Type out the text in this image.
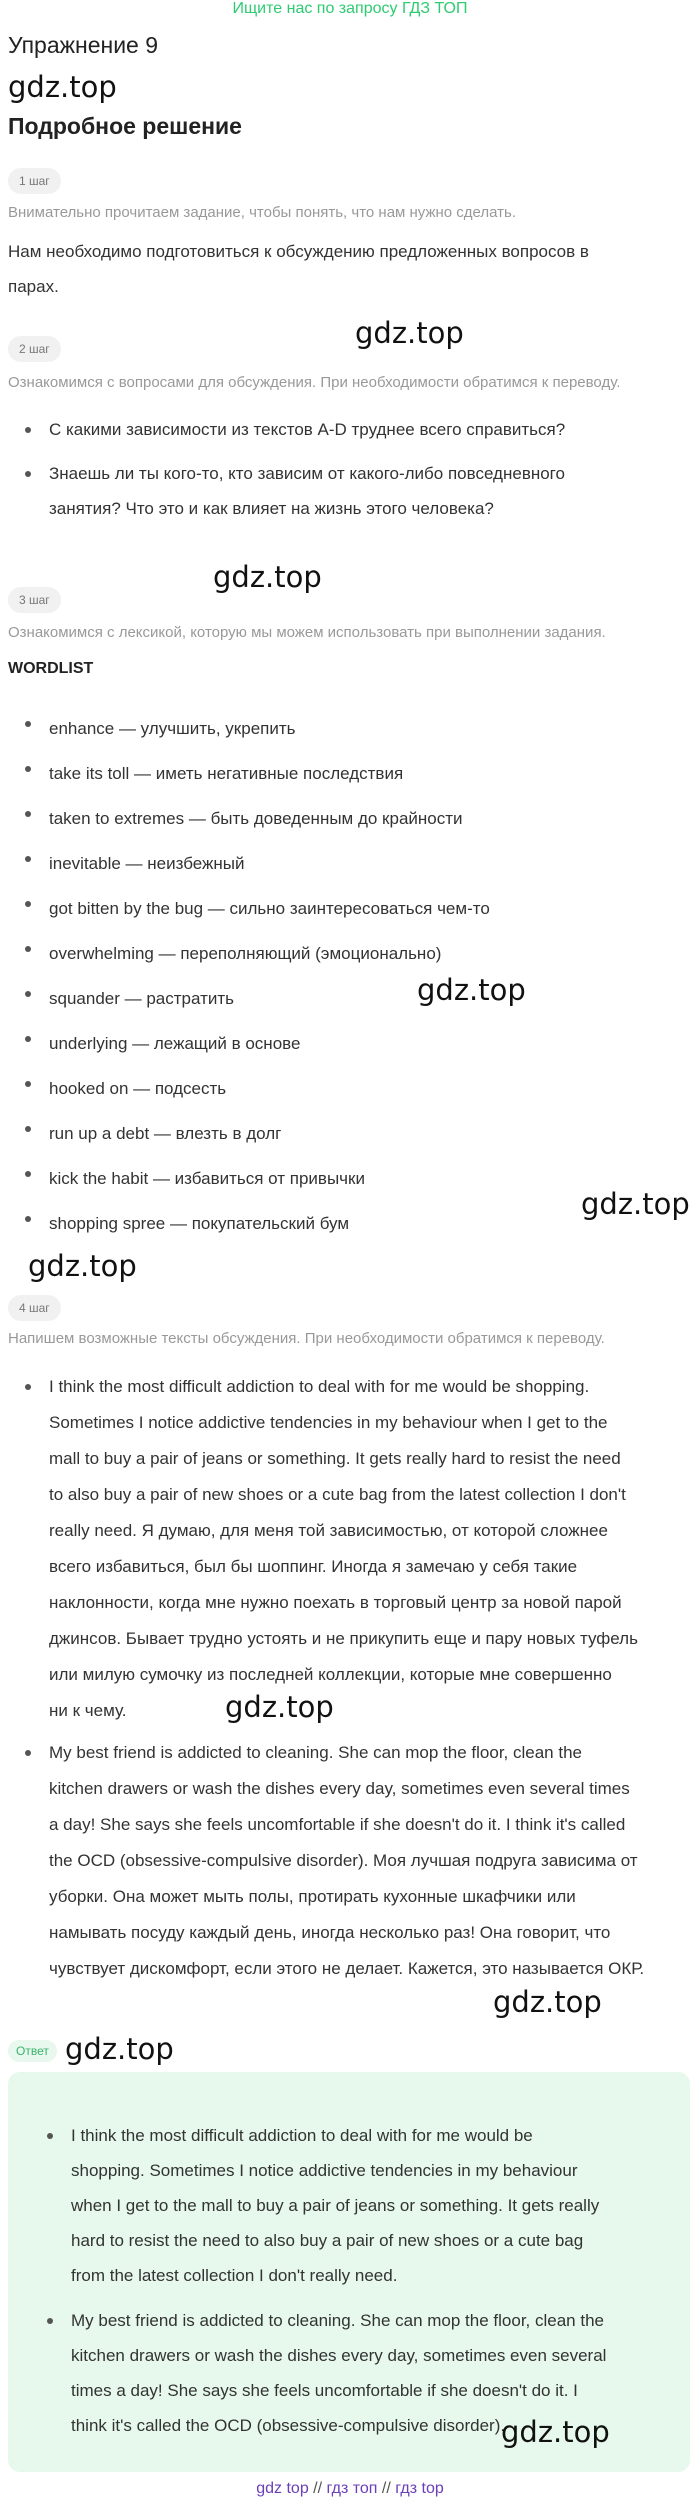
Ищите нас по запросу ГДЗ ТОП
Упражнение 9
gdz.top
Подробное решение
1 шаг
Внимательно прочитаем задание, чтобы понять, что нам нужно сделать.
Нам необходимо подготовиться к обсуждению предложенных вопросов в
парах.
2 шаг	gdz.top
Ознакомимся с вопросами для обсуждения. При необходимости обратимся к переводу.
С какими зависимости из текстов A-D труднее всего справиться?
Знаешь ли ты кого-то, кто зависим от какого-либо повседневного
занятия? Что это и как влияет на жизнь этого человека?
gdz.top
3 шаг
Ознакомимся с лексикой, которую мы можем использовать при выполнении задания.
WORDLIST
enhance — улучшить, укрепить
take its toll — иметь негативные последствия
taken to extremes — быть доведенным до крайности
inevitable — неизбежный
got bitten by the bug — сильно заинтересоваться чем-то
overwhelming — переполняющий (эмоционально)
squander — растратить
underlying — лежащий в основе
hooked on — подсесть
run up a debt — влезть в долг
kick the habit — избавиться от привычки
shopping spree — покупательский бум
gdz.top
gdz.top
gdz.top
4 шаг
Напишем возможные тексты обсуждения. При необходимости обратимся к переводу.
I think the most difficult addiction to deal with for me would be shopping.
Sometimes I notice addictive tendencies in my behaviour when I get to the
mall to buy a pair of jeans or something. It gets really hard to resist the need
to also buy a pair of new shoes or a cute bag from the latest collection I don't
really need. Я думаю, для меня той зависимостью, от которой сложнее
всего избавиться, был бы шоппинг. Иногда я замечаю у себя такие
наклонности, когда мне нужно поехать в торговый центр за новой парой
джинсов. Бывает трудно устоять и не прикупить еще и пару новых туфель
или милую сумочку из последней коллекции, которые мне совершенно
ни к чему.
My best friend is addicted to cleaning. She can mop the floor, clean the
kitchen drawers or wash the dishes every day, sometimes even several times
a day! She says she feels uncomfortable if she doesn't do it. I think it's called
the OCD (obsessive-compulsive disorder). Моя лучшая подруга зависима от
уборки. Она может мыть полы, протирать кухонные шкафчики или
намывать посуду каждый день, иногда несколько раз! Она говорит, что
чувствует дискомфорт, если этого не делает. Кажется, это называется ОКР.
gdz.top
gdz.top
Ответ gdz.top
I think the most difficult addiction to deal with for me would be
shopping. Sometimes I notice addictive tendencies in my behaviour
when I get to the mall to buy a pair of jeans or something. It gets really
hard to resist the need to also buy a pair of new shoes or a cute bag
from the latest collection I don't really need.
My best friend is addicted to cleaning. She can mop the floor, clean the
kitchen drawers or wash the dishes every day, sometimes even several
times a day! She says she feels uncomfortable if she doesn't do it. I
think it's called the OCD (obsessive-compulsive disorder).
gdz.top
gdz top // гдз топ // гдз top
